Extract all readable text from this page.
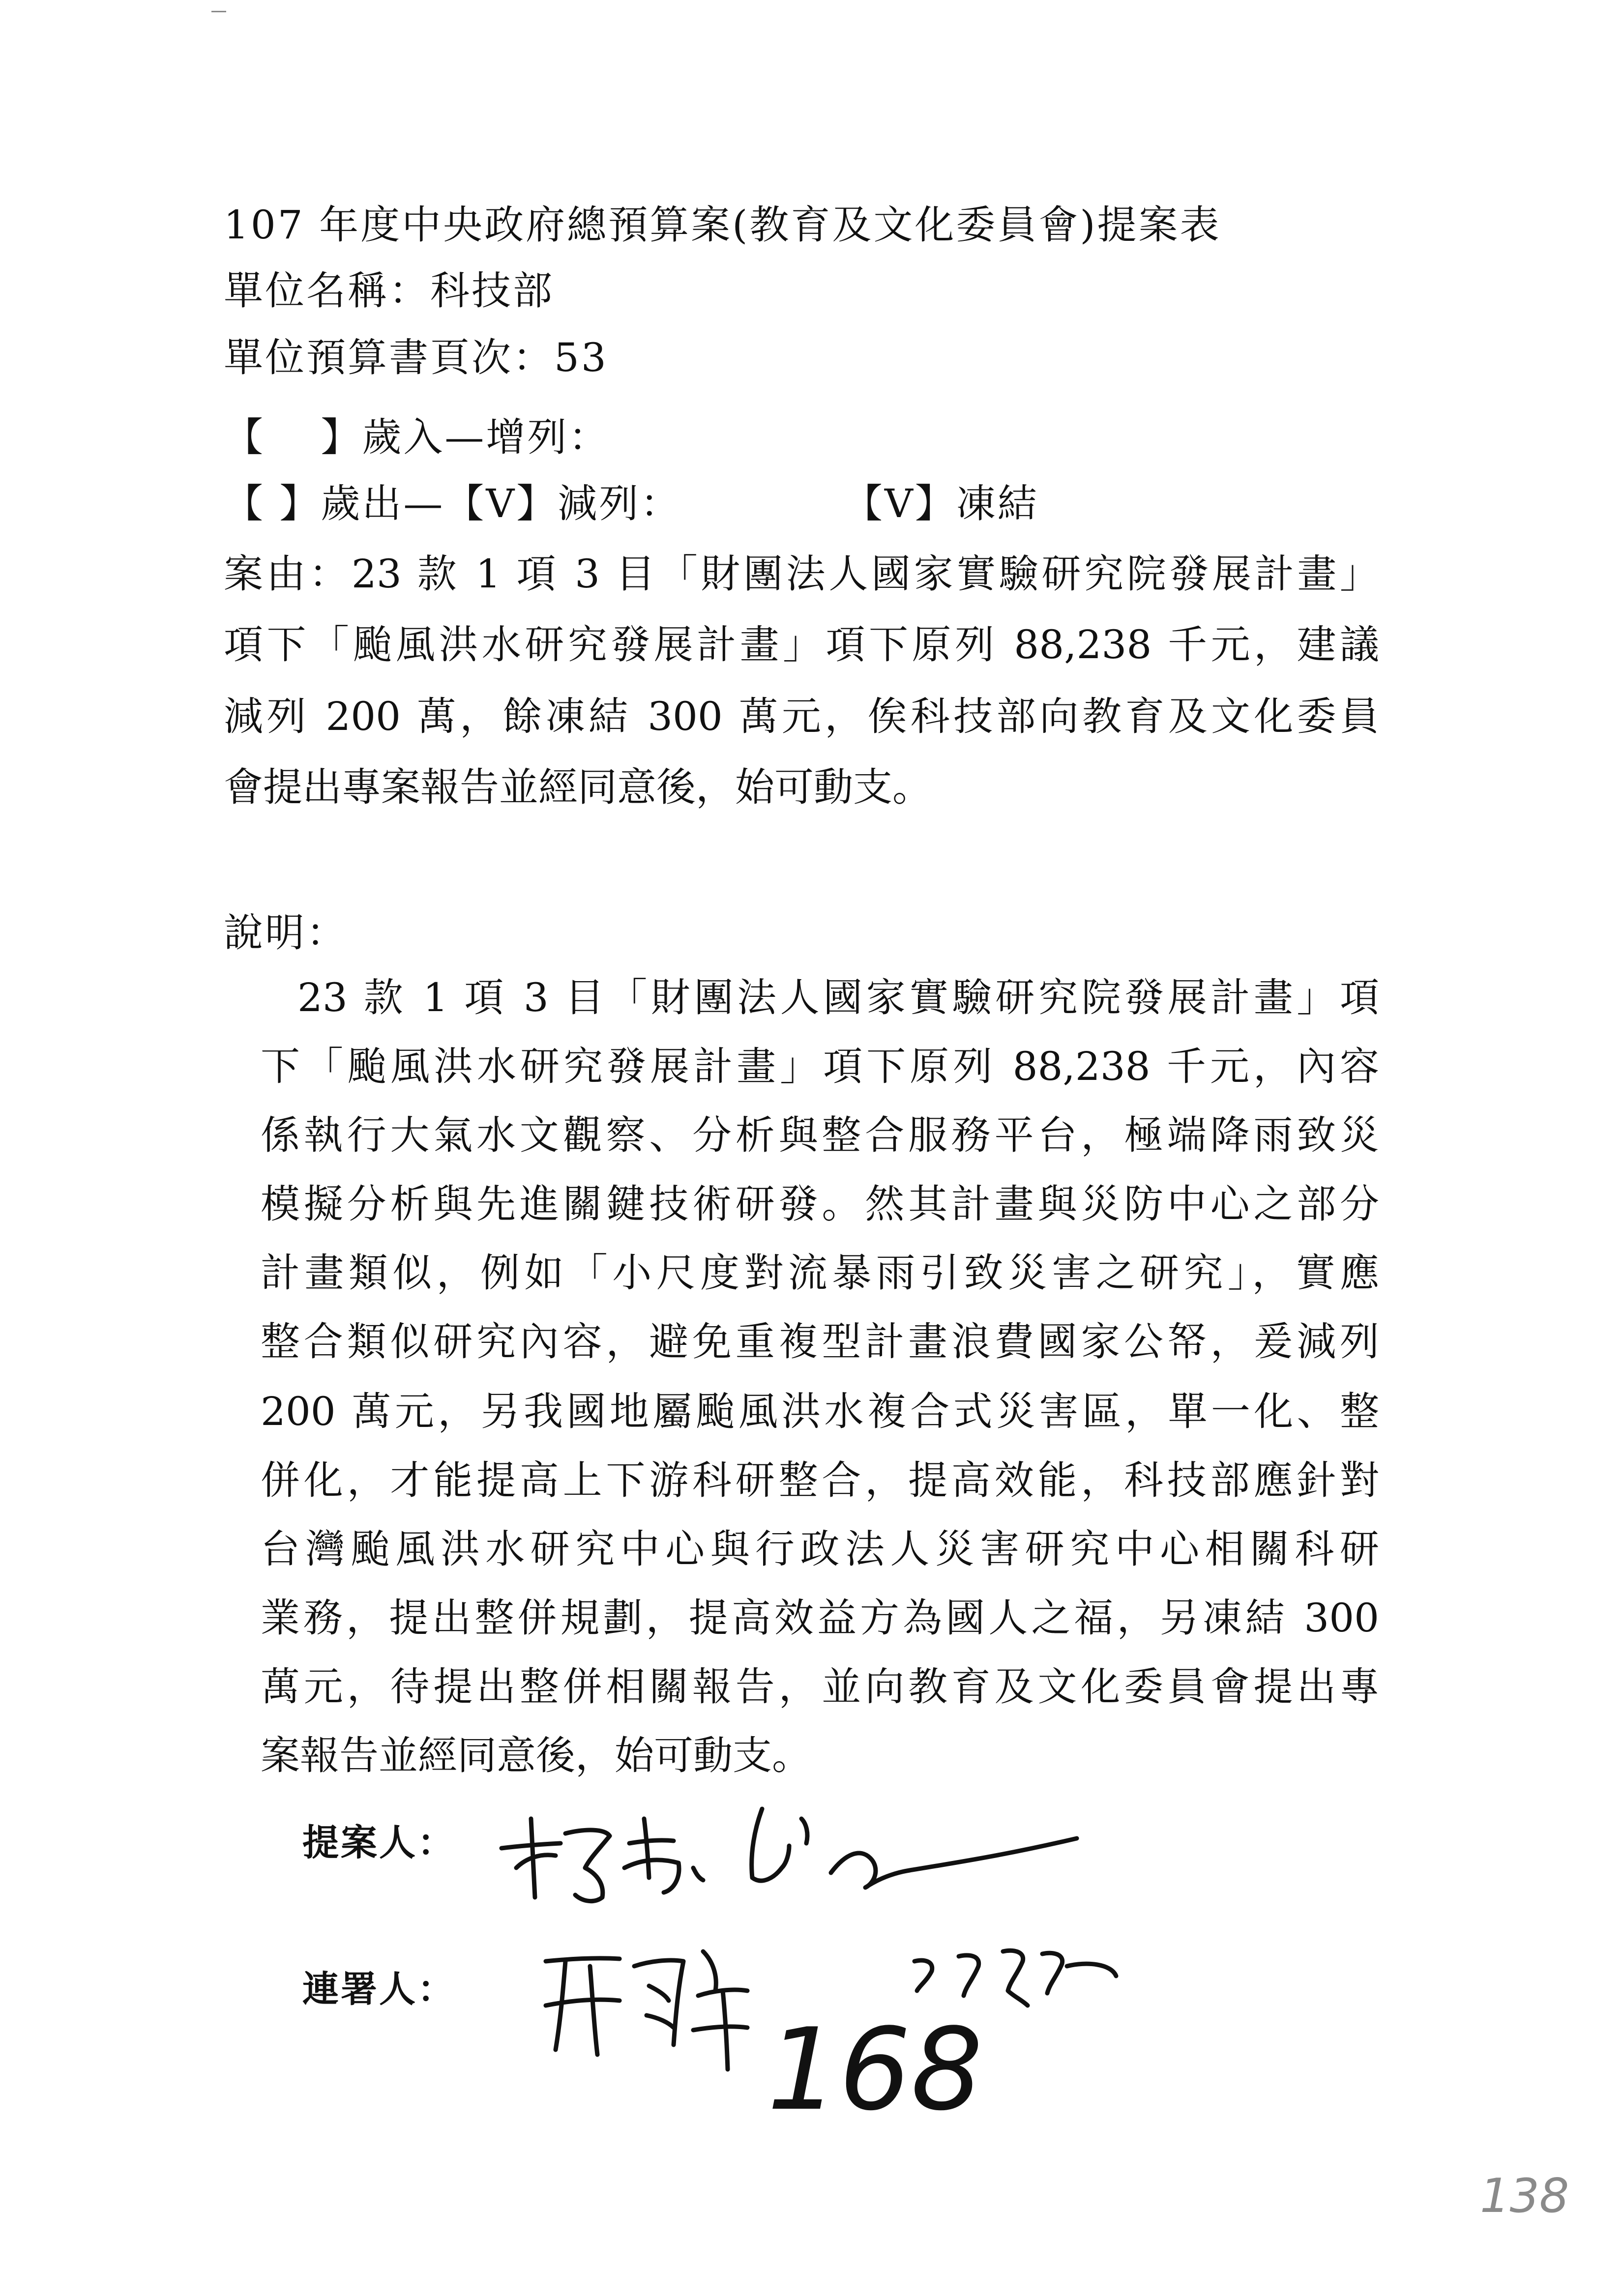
107 年度中央政府總預算案(教育及文化委員會)提案表
單位名稱：科技部
單位預算書頁次：53
【　 】歲入—增列：
【 】歲出—【V】減列：	【V】凍結
案由：23 款 1 項 3 目「財團法人國家實驗研究院發展計畫」
項下「颱風洪水研究發展計畫」項下原列 88,238 千元，建議
減列 200 萬，餘凍結 300 萬元，俟科技部向教育及文化委員
會提出專案報告並經同意後，始可動支。
說明：
23 款 1 項 3 目「財團法人國家實驗研究院發展計畫」項
下「颱風洪水研究發展計畫」項下原列 88,238 千元，內容
係執行大氣水文觀察、分析與整合服務平台，極端降雨致災
模擬分析與先進關鍵技術研發。然其計畫與災防中心之部分
計畫類似，例如「小尺度對流暴雨引致災害之研究」，實應
整合類似研究內容，避免重複型計畫浪費國家公帑，爰減列
200 萬元，另我國地屬颱風洪水複合式災害區，單一化、整
併化，才能提高上下游科研整合，提高效能，科技部應針對
台灣颱風洪水研究中心與行政法人災害研究中心相關科研
業務，提出整併規劃，提高效益方為國人之福，另凍結 300
萬元，待提出整併相關報告，並向教育及文化委員會提出專
案報告並經同意後，始可動支。
提案人：
連署人：
168
138
